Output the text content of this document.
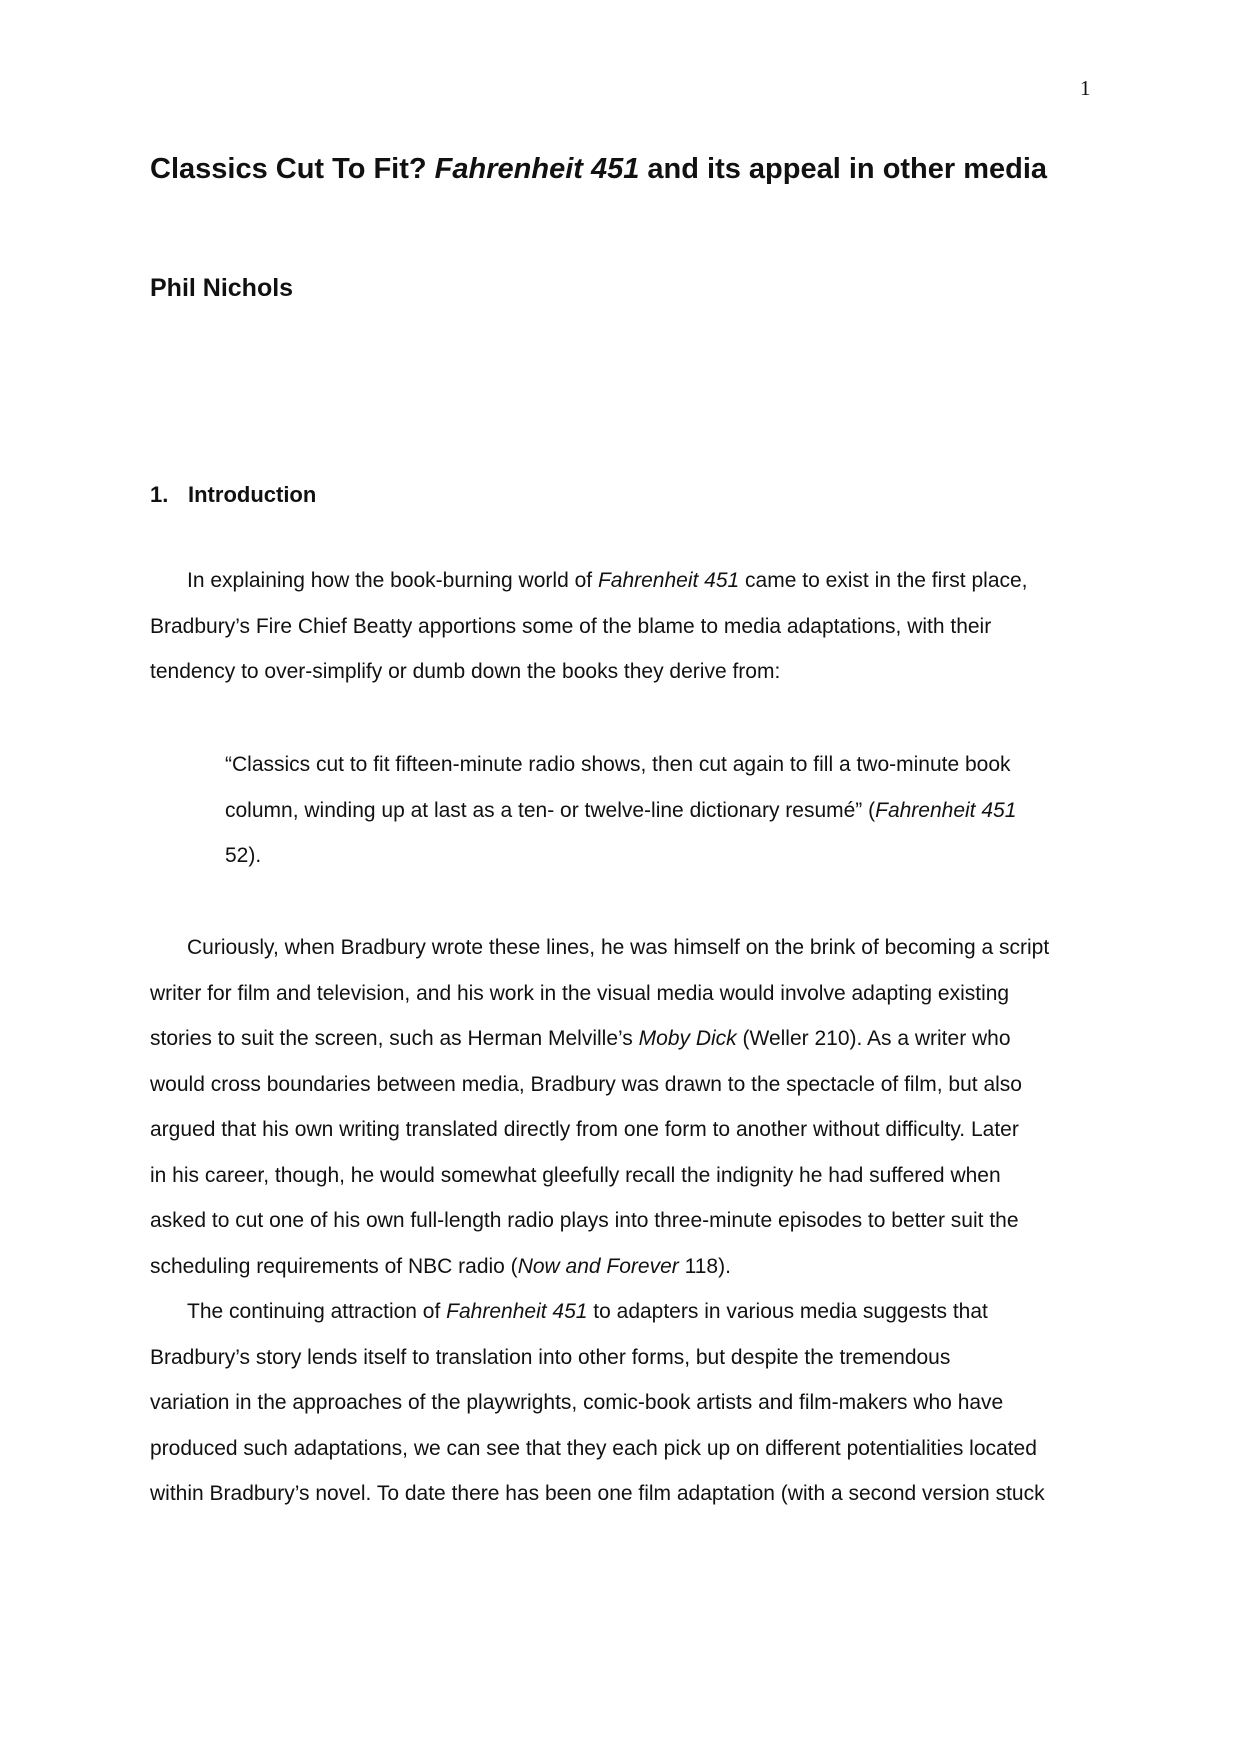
1
Classics Cut To Fit? Fahrenheit 451 and its appeal in other media
Phil Nichols
1. Introduction
In explaining how the book-burning world of Fahrenheit 451 came to exist in the first place,
Bradbury’s Fire Chief Beatty apportions some of the blame to media adaptations, with their
tendency to over-simplify or dumb down the books they derive from:
“Classics cut to fit fifteen-minute radio shows, then cut again to fill a two-minute book
column, winding up at last as a ten- or twelve-line dictionary resumé” (Fahrenheit 451
52).
Curiously, when Bradbury wrote these lines, he was himself on the brink of becoming a script
writer for film and television, and his work in the visual media would involve adapting existing
stories to suit the screen, such as Herman Melville’s Moby Dick (Weller 210). As a writer who
would cross boundaries between media, Bradbury was drawn to the spectacle of film, but also
argued that his own writing translated directly from one form to another without difficulty. Later
in his career, though, he would somewhat gleefully recall the indignity he had suffered when
asked to cut one of his own full-length radio plays into three-minute episodes to better suit the
scheduling requirements of NBC radio (Now and Forever 118).
The continuing attraction of Fahrenheit 451 to adapters in various media suggests that
Bradbury’s story lends itself to translation into other forms, but despite the tremendous
variation in the approaches of the playwrights, comic-book artists and film-makers who have
produced such adaptations, we can see that they each pick up on different potentialities located
within Bradbury’s novel. To date there has been one film adaptation (with a second version stuck
